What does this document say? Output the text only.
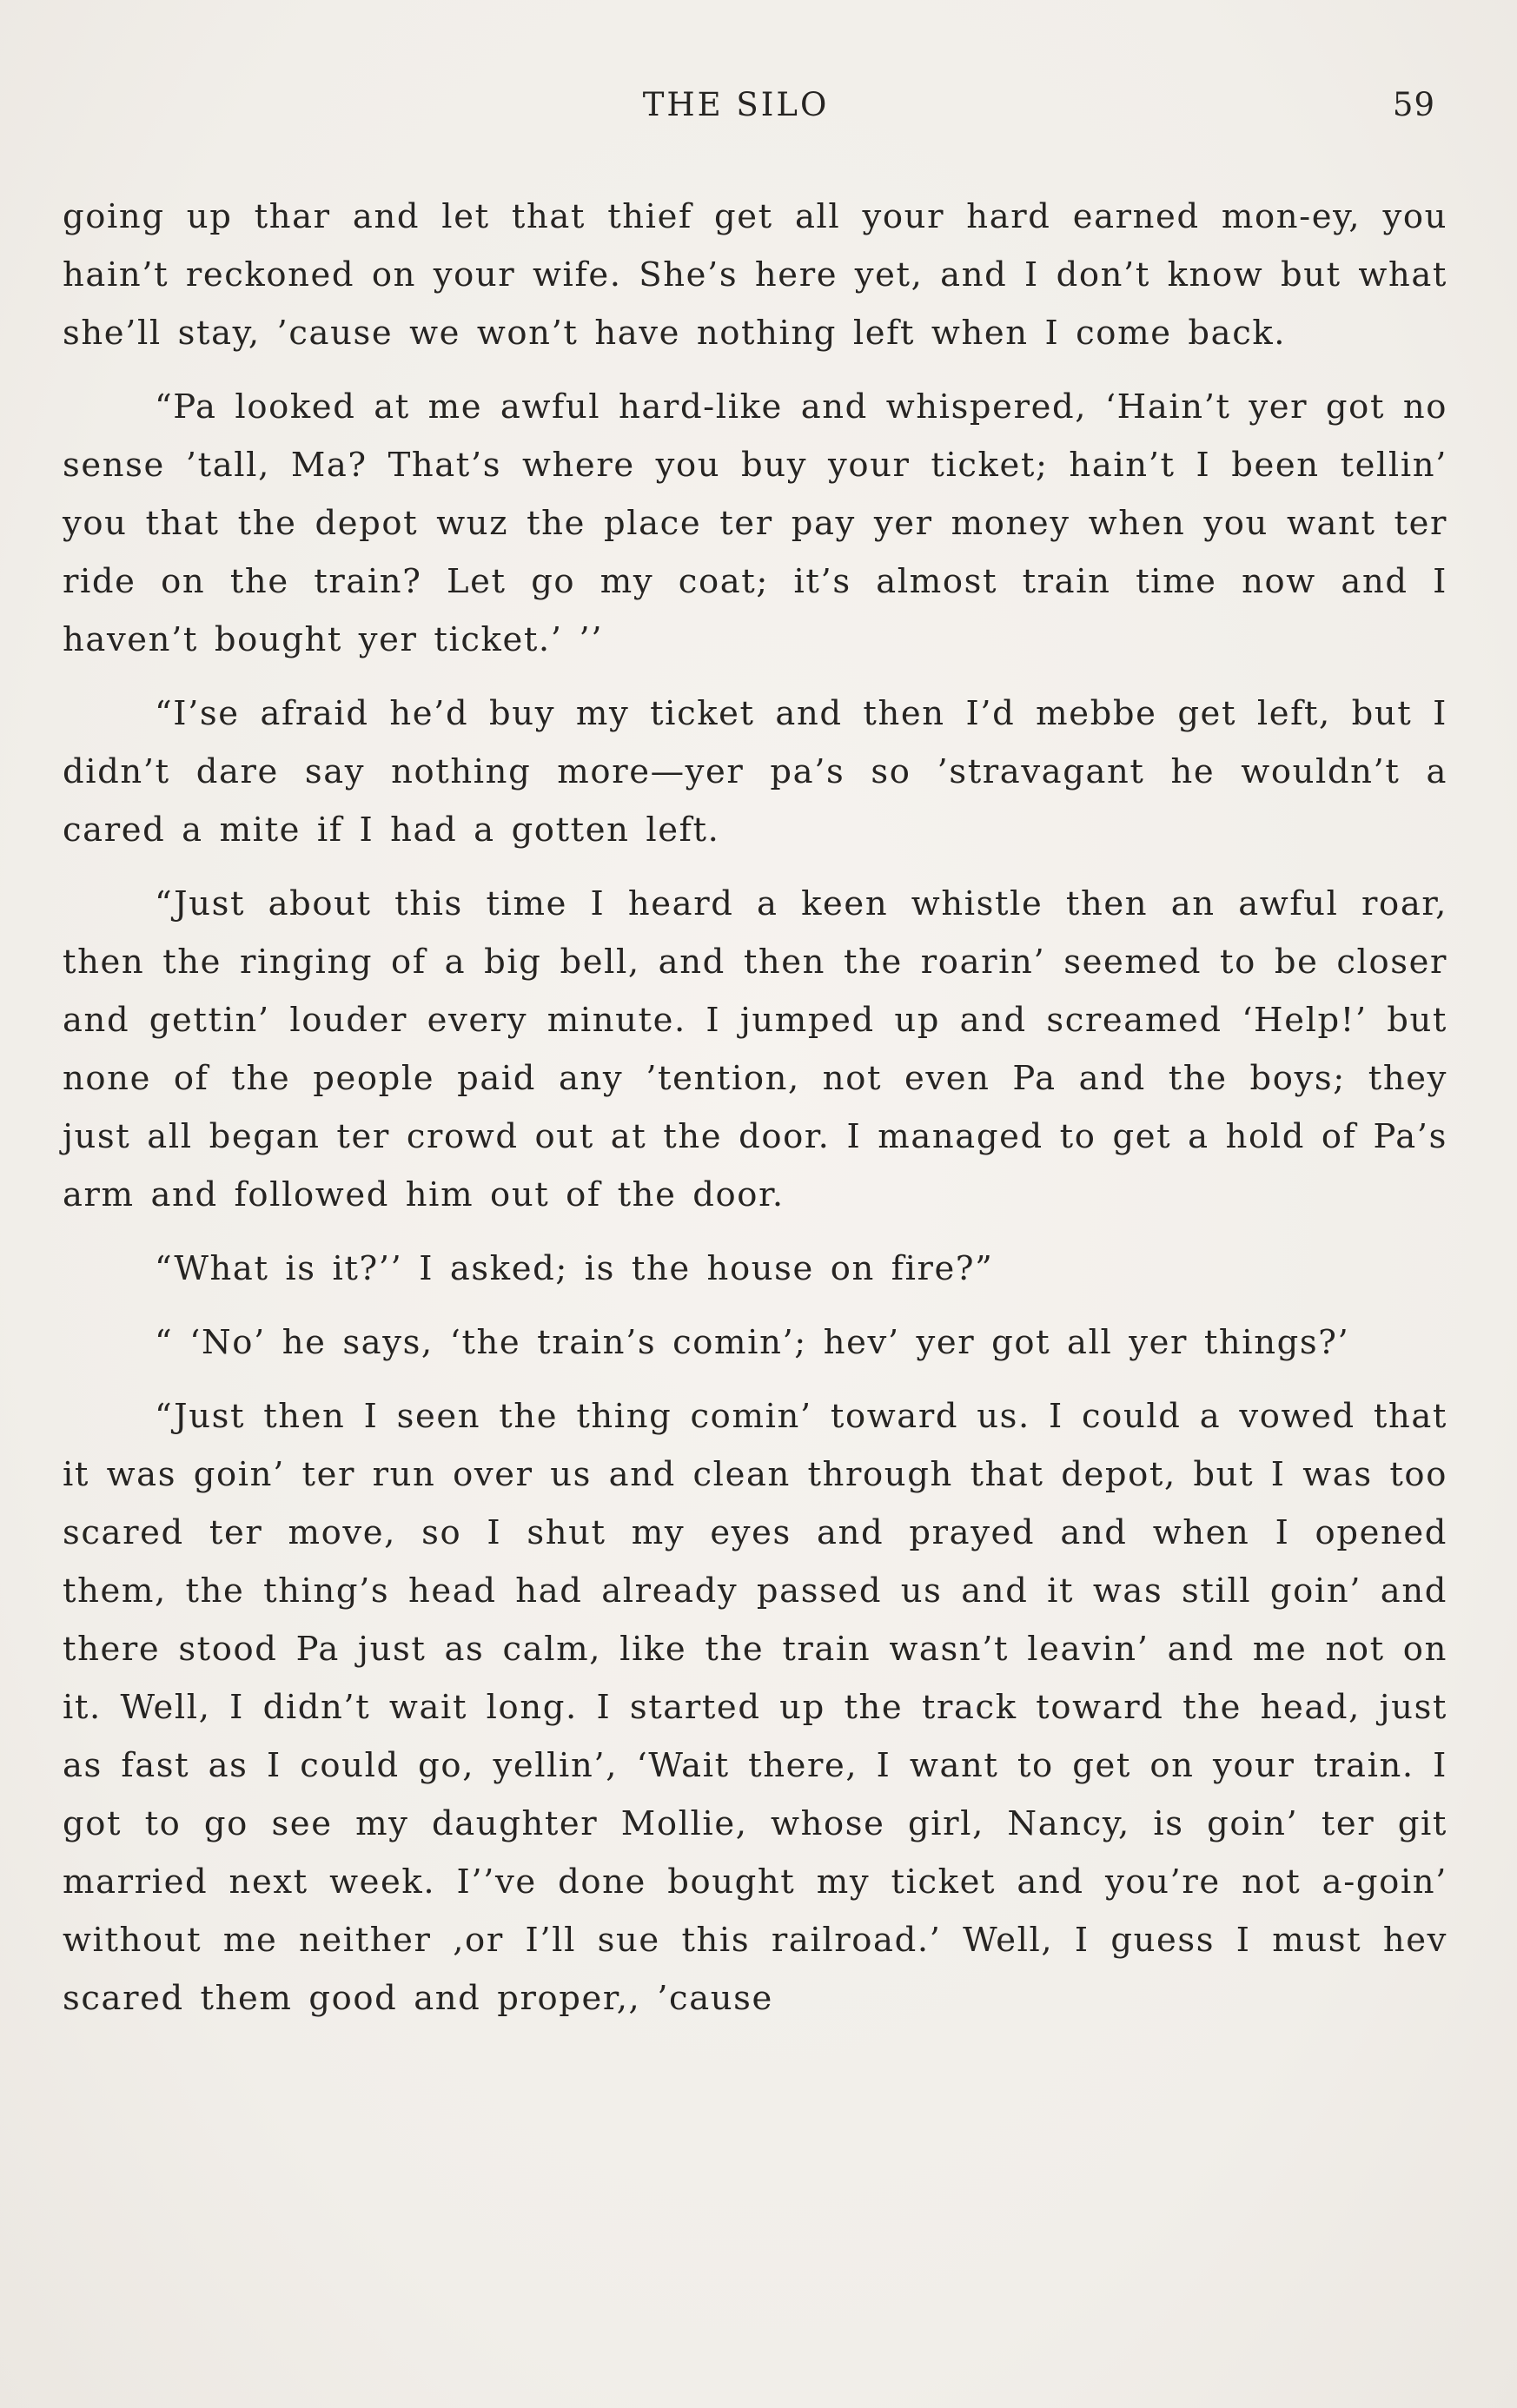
THE SILO	59

going up thar and let that thief get all your hard earned mon-ey, you hain’t reckoned on your wife. She’s here yet, and I don’t know but what she’ll stay, ’cause we won’t have nothing left when I come back.

“Pa looked at me awful hard-like and whispered, ‘Hain’t yer got no sense ’tall, Ma? That’s where you buy your ticket; hain’t I been tellin’ you that the depot wuz the place ter pay yer money when you want ter ride on the train? Let go my coat; it’s almost train time now and I haven’t bought yer ticket.’ ’’

“I’se afraid he’d buy my ticket and then I’d mebbe get left, but I didn’t dare say nothing more—yer pa’s so ’stravagant he wouldn’t a cared a mite if I had a gotten left.

“Just about this time I heard a keen whistle then an awful roar, then the ringing of a big bell, and then the roarin’ seemed to be closer and gettin’ louder every minute. I jumped up and screamed ‘Help!’ but none of the people paid any ’tention, not even Pa and the boys; they just all began ter crowd out at the door. I managed to get a hold of Pa’s arm and followed him out of the door.

“What is it?’’ I asked; is the house on fire?”

“ ‘No’ he says, ‘the train’s comin’; hev’ yer got all yer things?’

“Just then I seen the thing comin’ toward us. I could a vowed that it was goin’ ter run over us and clean through that depot, but I was too scared ter move, so I shut my eyes and prayed and when I opened them, the thing’s head had already passed us and it was still goin’ and there stood Pa just as calm, like the train wasn’t leavin’ and me not on it. Well, I didn’t wait long. I started up the track toward the head, just as fast as I could go, yellin’, ‘Wait there, I want to get on your train. I got to go see my daughter Mollie, whose girl, Nancy, is goin’ ter git married next week. I’’ve done bought my ticket and you’re not a-goin’ without me neither ,or I’ll sue this railroad.’ Well, I guess I must hev scared them good and proper,, ’cause
